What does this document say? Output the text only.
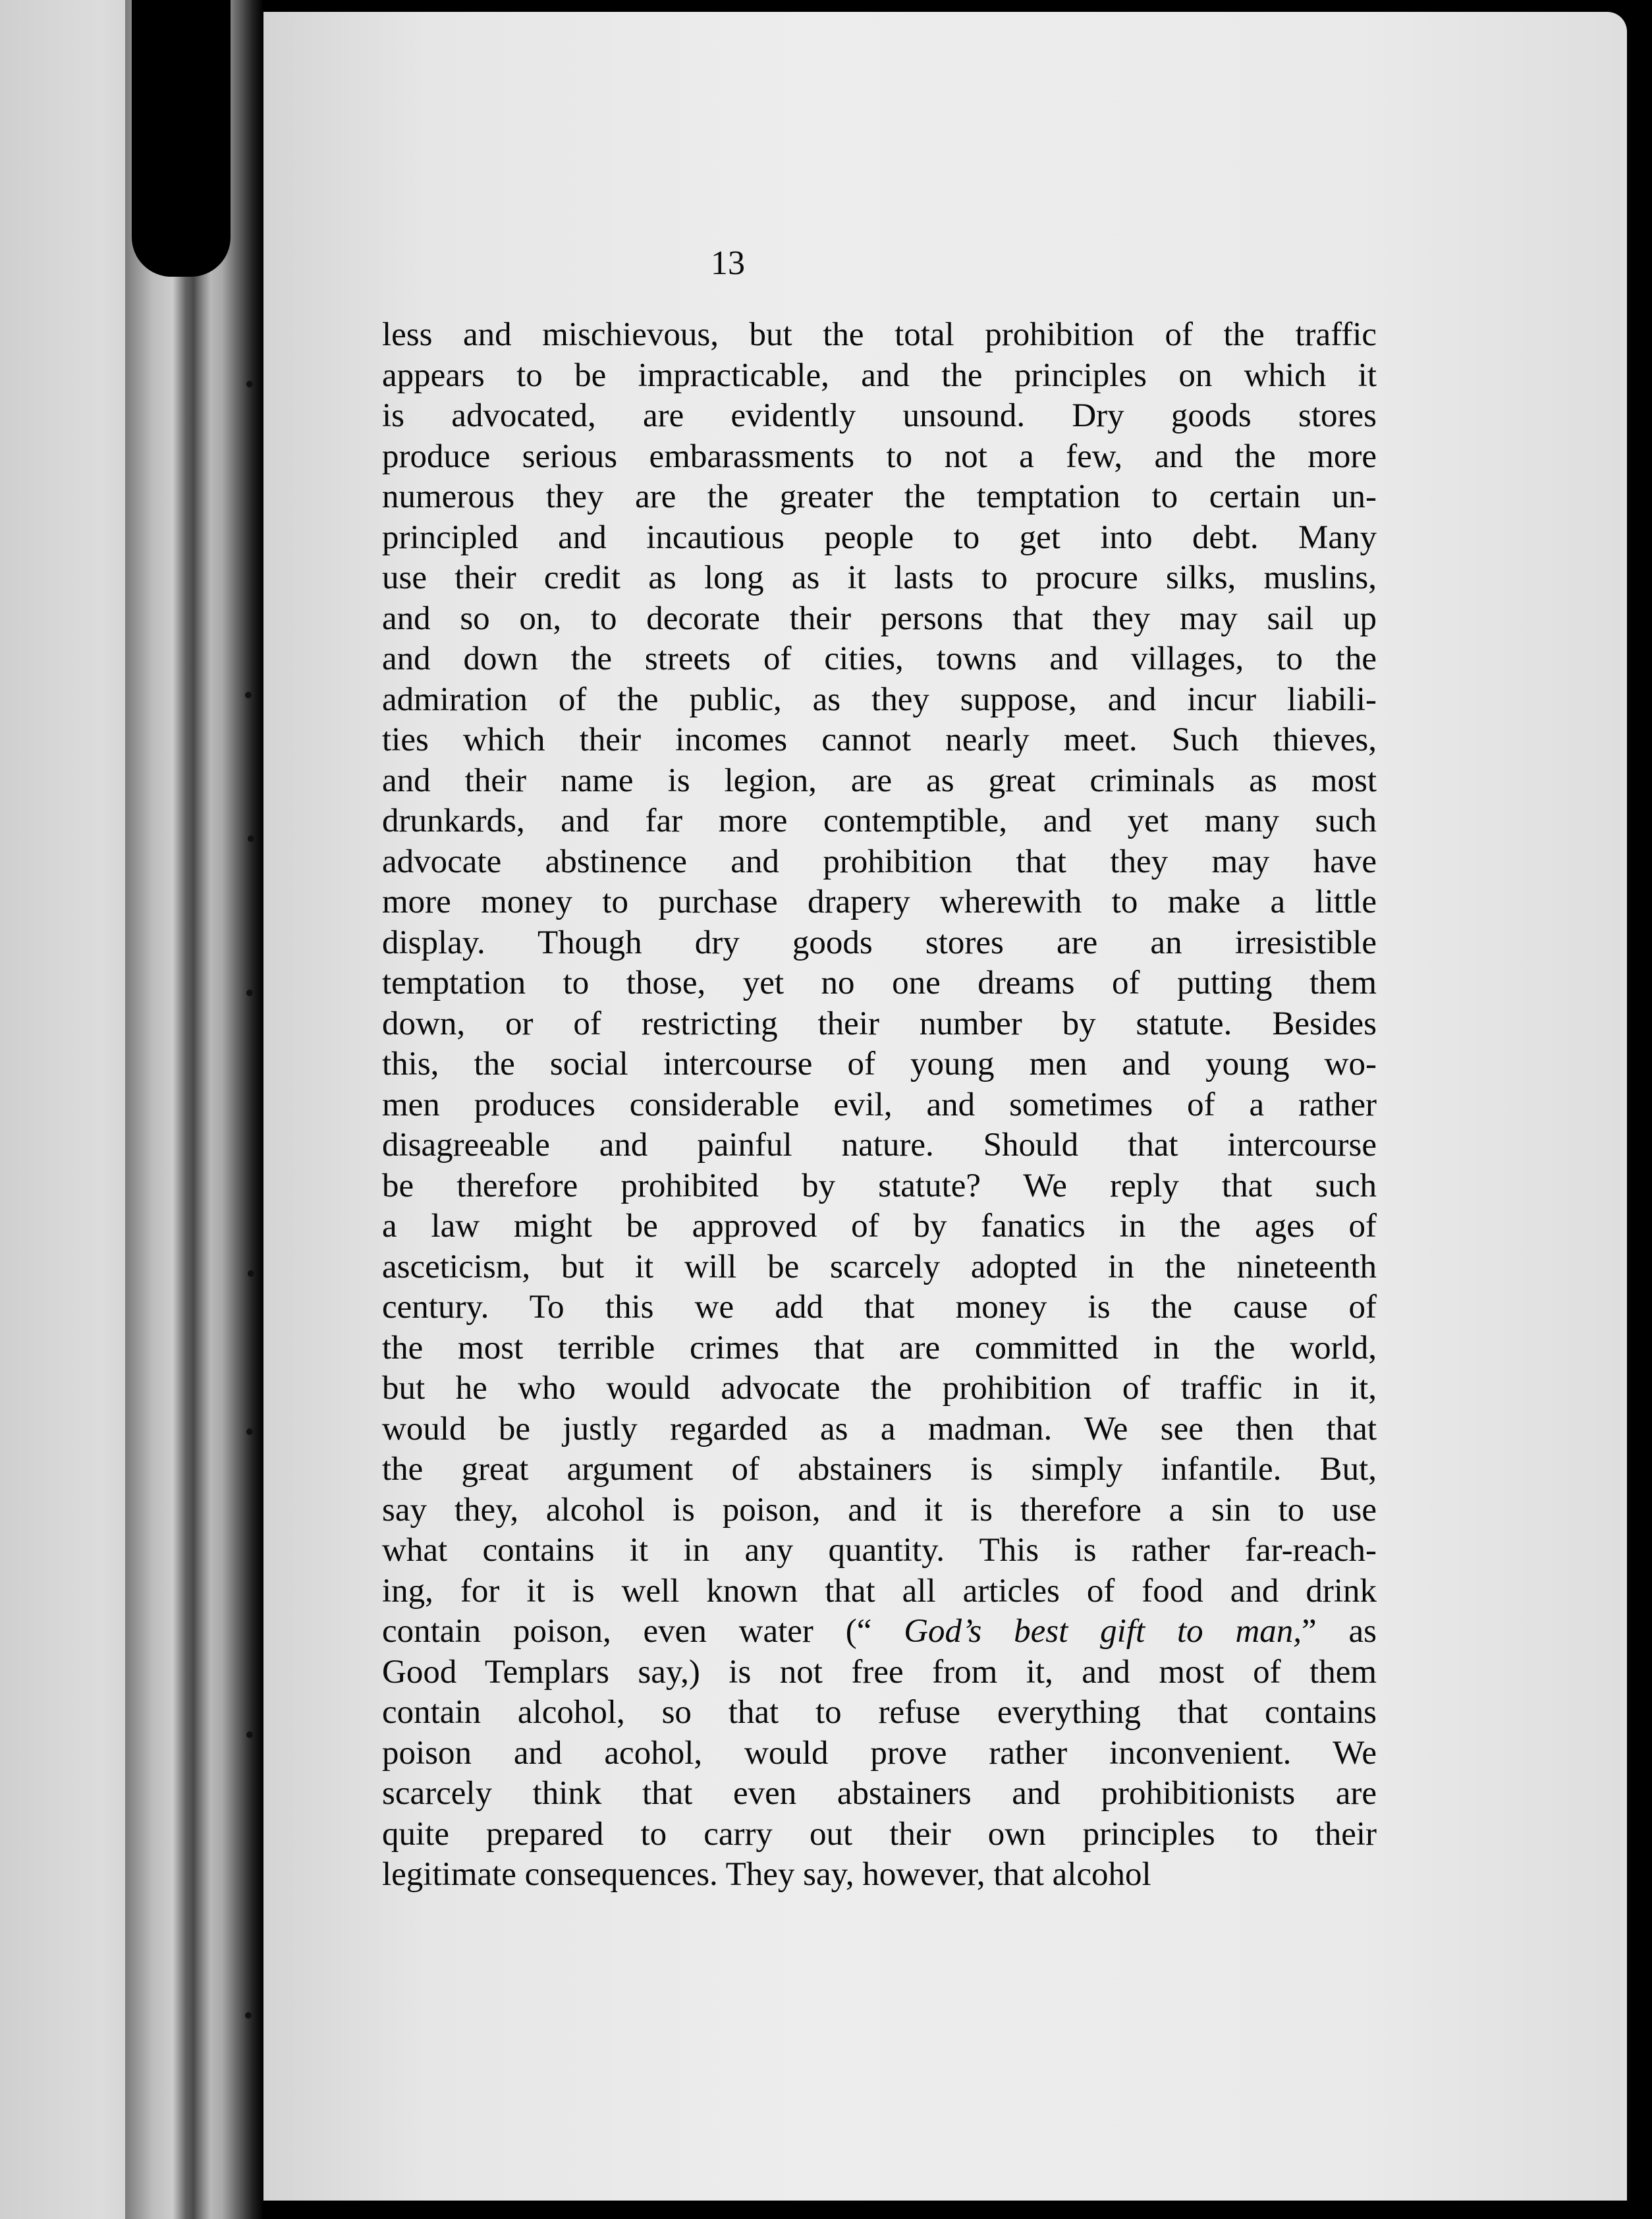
13
less and mischievous, but the total prohibition of the traffic
appears to be impracticable, and the principles on which it
is advocated, are evidently unsound. Dry goods stores
produce serious embarassments to not a few, and the more
numerous they are the greater the temptation to certain un-
principled and incautious people to get into debt. Many
use their credit as long as it lasts to procure silks, muslins,
and so on, to decorate their persons that they may sail up
and down the streets of cities, towns and villages, to the
admiration of the public, as they suppose, and incur liabili-
ties which their incomes cannot nearly meet. Such thieves,
and their name is legion, are as great criminals as most
drunkards, and far more contemptible, and yet many such
advocate abstinence and prohibition that they may have
more money to purchase drapery wherewith to make a little
display. Though dry goods stores are an irresistible
temptation to those, yet no one dreams of putting them
down, or of restricting their number by statute. Besides
this, the social intercourse of young men and young wo-
men produces considerable evil, and sometimes of a rather
disagreeable and painful nature. Should that intercourse
be therefore prohibited by statute? We reply that such
a law might be approved of by fanatics in the ages of
asceticism, but it will be scarcely adopted in the nineteenth
century. To this we add that money is the cause of
the most terrible crimes that are committed in the world,
but he who would advocate the prohibition of traffic in it,
would be justly regarded as a madman. We see then that
the great argument of abstainers is simply infantile. But,
say they, alcohol is poison, and it is therefore a sin to use
what contains it in any quantity. This is rather far-reach-
ing, for it is well known that all articles of food and drink
contain poison, even water (“ God’s best gift to man,” as
Good Templars say,) is not free from it, and most of them
contain alcohol, so that to refuse everything that contains
poison and acohol, would prove rather inconvenient. We
scarcely think that even abstainers and prohibitionists are
quite prepared to carry out their own principles to their
legitimate consequences. They say, however, that alcohol
